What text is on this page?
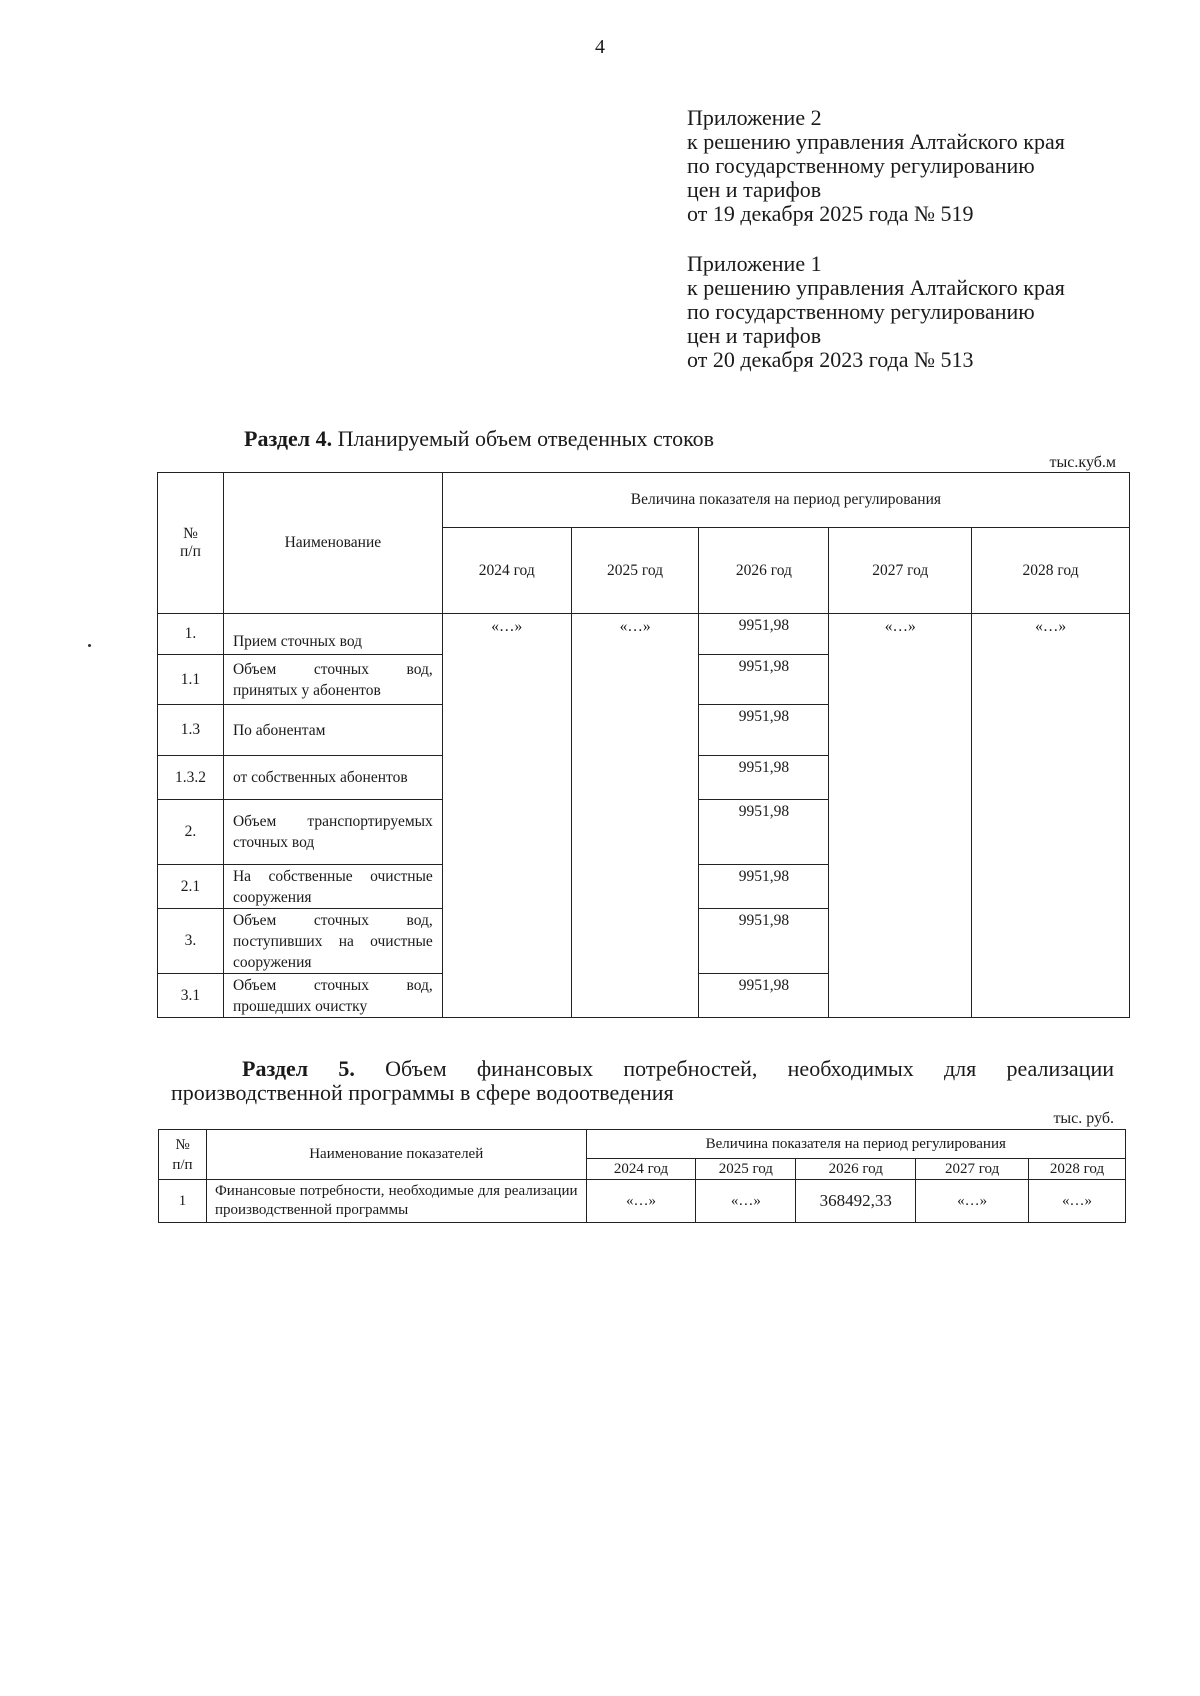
4
Приложение 2
к решению управления Алтайского края
по государственному регулированию
цен и тарифов
от 19 декабря 2025 года № 519
Приложение 1
к решению управления Алтайского края
по государственному регулированию
цен и тарифов
от 20 декабря 2023 года № 513
Раздел 4. Планируемый объем отведенных стоков
тыс.куб.м
№
п/п	Наименование	Величина показателя на период регулирования				
		2024 год	2025 год	2026 год	2027 год	2028 год
1.	Прием сточных вод	«…»	«…»	9951,98	«…»	«…»
1.1	Объем сточных вод, принятых у абонентов			9951,98		
1.3	По абонентам			9951,98		
1.3.2	от собственных абонентов			9951,98		
2.	Объем транспортируемых сточных вод			9951,98		
2.1	На собственные очистные сооружения			9951,98		
3.	Объем сточных вод, поступивших на очистные сооружения			9951,98		
3.1	Объем сточных вод, прошедших очистку			9951,98		
Раздел 5. Объем финансовых потребностей, необходимых для реализации
производственной программы в сфере водоотведения
тыс. руб.
№
п/п	Наименование показателей	Величина показателя на период регулирования				
		2024 год	2025 год	2026 год	2027 год	2028 год
1	Финансовые потребности, необходимые для реализации производственной программы	«…»	«…»	368492,33	«…»	«…»
